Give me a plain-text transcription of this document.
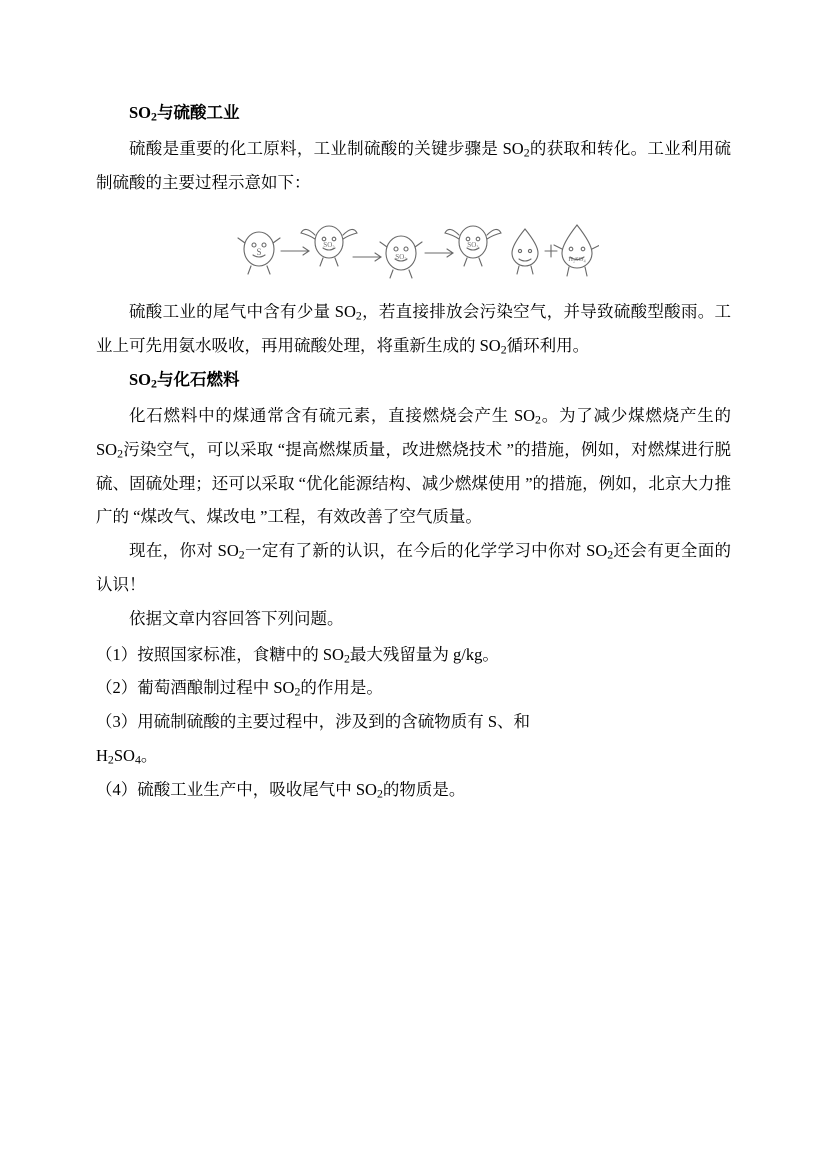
$SO_2$与硫酸工业

硫酸是重要的化工原料，工业制硫酸的关键步骤是 $SO_2$的获取和转化。工业利用硫制硫酸的主要过程示意如下：

S
SO₂
SO₂
SO₃
H₂SO₄

硫酸工业的尾气中含有少量 $SO_2$，若直接排放会污染空气，并导致硫酸型酸雨。工业上可先用氨水吸收，再用硫酸处理，将重新生成的 $SO_2$循环利用。

$SO_2$与化石燃料

化石燃料中的煤通常含有硫元素，直接燃烧会产生 $SO_2$。为了减少煤燃烧产生的 $SO_2$污染空气，可以采取 “提高燃煤质量，改进燃烧技术 ”的措施，例如，对燃煤进行脱硫、固硫处理；还可以采取 “优化能源结构、减少燃煤使用 ”的措施，例如，北京大力推广的 “煤改气、煤改电 ”工程，有效改善了空气质量。

现在，你对 $SO_2$一定有了新的认识，在今后的化学学习中你对 $SO_2$还会有更全面的认识！

依据文章内容回答下列问题。

（1）按照国家标准，食糖中的 $SO_2$最大残留量为 g/kg。

（2）葡萄酒酿制过程中 $SO_2$的作用是。

（3）用硫制硫酸的主要过程中，涉及到的含硫物质有 S、和

$H_2SO_4$。

（4）硫酸工业生产中，吸收尾气中 $SO_2$的物质是。
